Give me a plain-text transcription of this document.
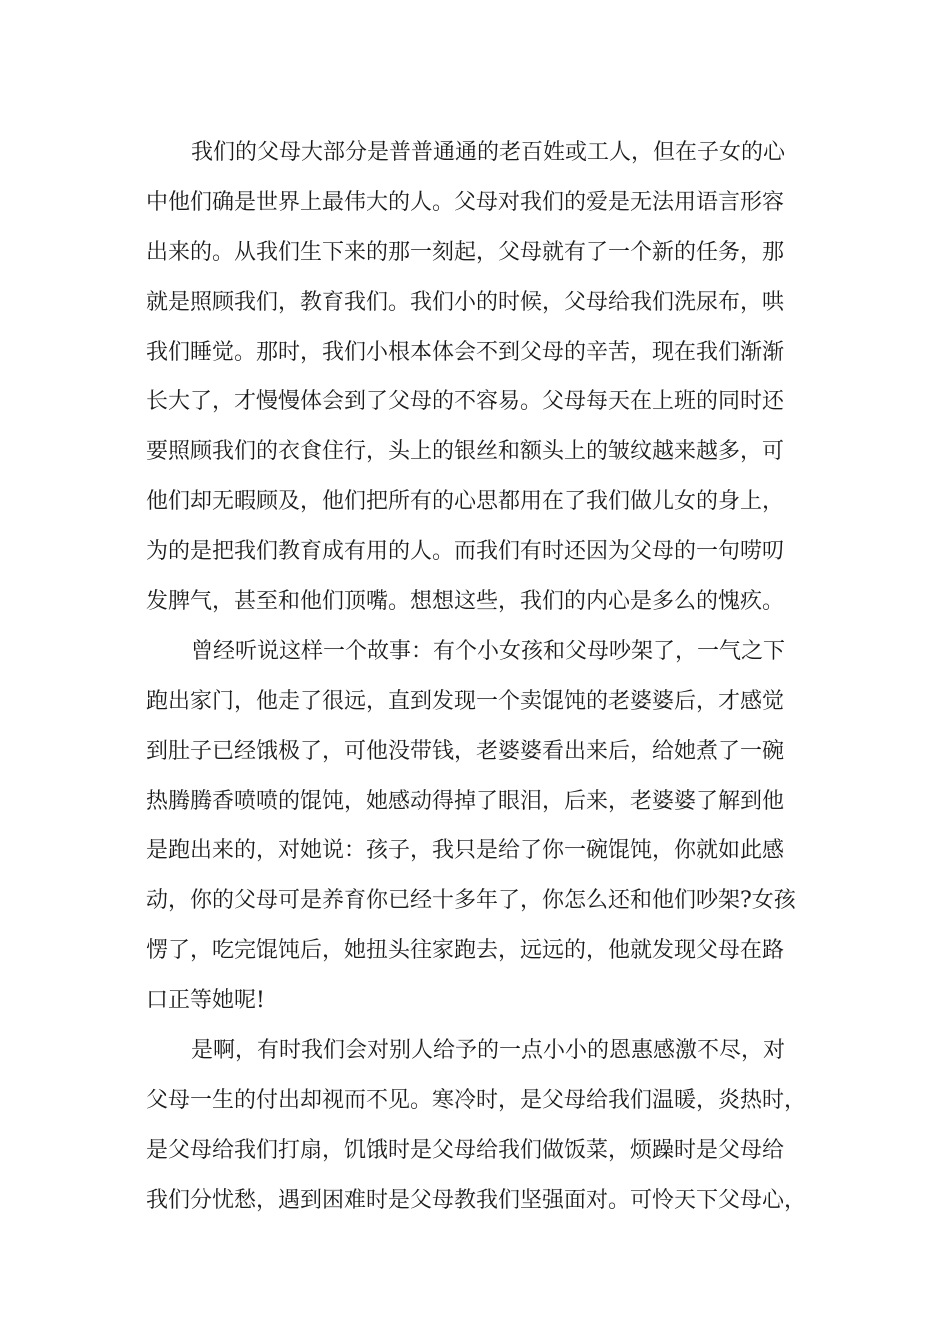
我们的父母大部分是普普通通的老百姓或工人，但在子女的心
中他们确是世界上最伟大的人。父母对我们的爱是无法用语言形容
出来的。从我们生下来的那一刻起，父母就有了一个新的任务，那
就是照顾我们，教育我们。我们小的时候，父母给我们洗尿布，哄
我们睡觉。那时，我们小根本体会不到父母的辛苦，现在我们渐渐
长大了，才慢慢体会到了父母的不容易。父母每天在上班的同时还
要照顾我们的衣食住行，头上的银丝和额头上的皱纹越来越多，可
他们却无暇顾及，他们把所有的心思都用在了我们做儿女的身上，
为的是把我们教育成有用的人。而我们有时还因为父母的一句唠叨
发脾气，甚至和他们顶嘴。想想这些，我们的内心是多么的愧疚。
曾经听说这样一个故事：有个小女孩和父母吵架了，一气之下
跑出家门，他走了很远，直到发现一个卖馄饨的老婆婆后，才感觉
到肚子已经饿极了，可他没带钱，老婆婆看出来后，给她煮了一碗
热腾腾香喷喷的馄饨，她感动得掉了眼泪，后来，老婆婆了解到他
是跑出来的，对她说：孩子，我只是给了你一碗馄饨，你就如此感
动，你的父母可是养育你已经十多年了，你怎么还和他们吵架?女孩
愣了，吃完馄饨后，她扭头往家跑去，远远的，他就发现父母在路
口正等她呢!
是啊，有时我们会对别人给予的一点小小的恩惠感激不尽，对
父母一生的付出却视而不见。寒冷时，是父母给我们温暖，炎热时，
是父母给我们打扇，饥饿时是父母给我们做饭菜，烦躁时是父母给
我们分忧愁，遇到困难时是父母教我们坚强面对。可怜天下父母心，
